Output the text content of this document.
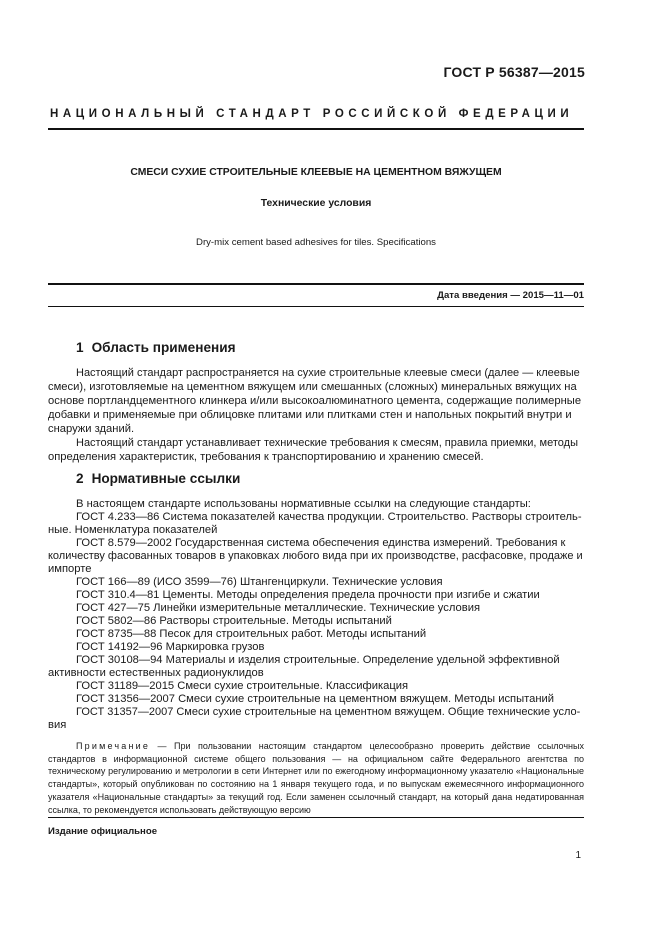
ГОСТ Р 56387—2015
НАЦИОНАЛЬНЫЙ СТАНДАРТ РОССИЙСКОЙ ФЕДЕРАЦИИ
СМЕСИ СУХИЕ СТРОИТЕЛЬНЫЕ КЛЕЕВЫЕ НА ЦЕМЕНТНОМ ВЯЖУЩЕМ
Технические условия
Dry-mix cement based adhesives for tiles. Specifications
Дата введения — 2015—11—01
1 Область применения
Настоящий стандарт распространяется на сухие строительные клеевые смеси (далее — клеевые
смеси), изготовляемые на цементном вяжущем или смешанных (сложных) минеральных вяжущих на
основе портландцементного клинкера и/или высокоалюминатного цемента, содержащие полимерные
добавки и применяемые при облицовке плитами или плитками стен и напольных покрытий внутри и
снаружи зданий.
Настоящий стандарт устанавливает технические требования к смесям, правила приемки, методы
определения характеристик, требования к транспортированию и хранению смесей.
2 Нормативные ссылки
В настоящем стандарте использованы нормативные ссылки на следующие стандарты:
ГОСТ 4.233—86 Система показателей качества продукции. Строительство. Растворы строитель-
ные. Номенклатура показателей
ГОСТ 8.579—2002 Государственная система обеспечения единства измерений. Требования к
количеству фасованных товаров в упаковках любого вида при их производстве, расфасовке, продаже и
импорте
ГОСТ 166—89 (ИСО 3599—76) Штангенциркули. Технические условия
ГОСТ 310.4—81 Цементы. Методы определения предела прочности при изгибе и сжатии
ГОСТ 427—75 Линейки измерительные металлические. Технические условия
ГОСТ 5802—86 Растворы строительные. Методы испытаний
ГОСТ 8735—88 Песок для строительных работ. Методы испытаний
ГОСТ 14192—96 Маркировка грузов
ГОСТ 30108—94 Материалы и изделия строительные. Определение удельной эффективной
активности естественных радионуклидов
ГОСТ 31189—2015 Смеси сухие строительные. Классификация
ГОСТ 31356—2007 Смеси сухие строительные на цементном вяжущем. Методы испытаний
ГОСТ 31357—2007 Смеси сухие строительные на цементном вяжущем. Общие технические усло-
вия
Примечание — При пользовании настоящим стандартом целесообразно проверить действие ссылочных стандартов в информационной системе общего пользования — на официальном сайте Федерального агентства по техническому регулированию и метрологии в сети Интернет или по ежегодному информационному указателю «Национальные стандарты», который опубликован по состоянию на 1 января текущего года, и по выпускам ежемесячного информационного указателя «Национальные стандарты» за текущий год. Если заменен ссылочный стандарт, на который дана недатированная ссылка, то рекомендуется использовать действующую версию
Издание официальное
1
